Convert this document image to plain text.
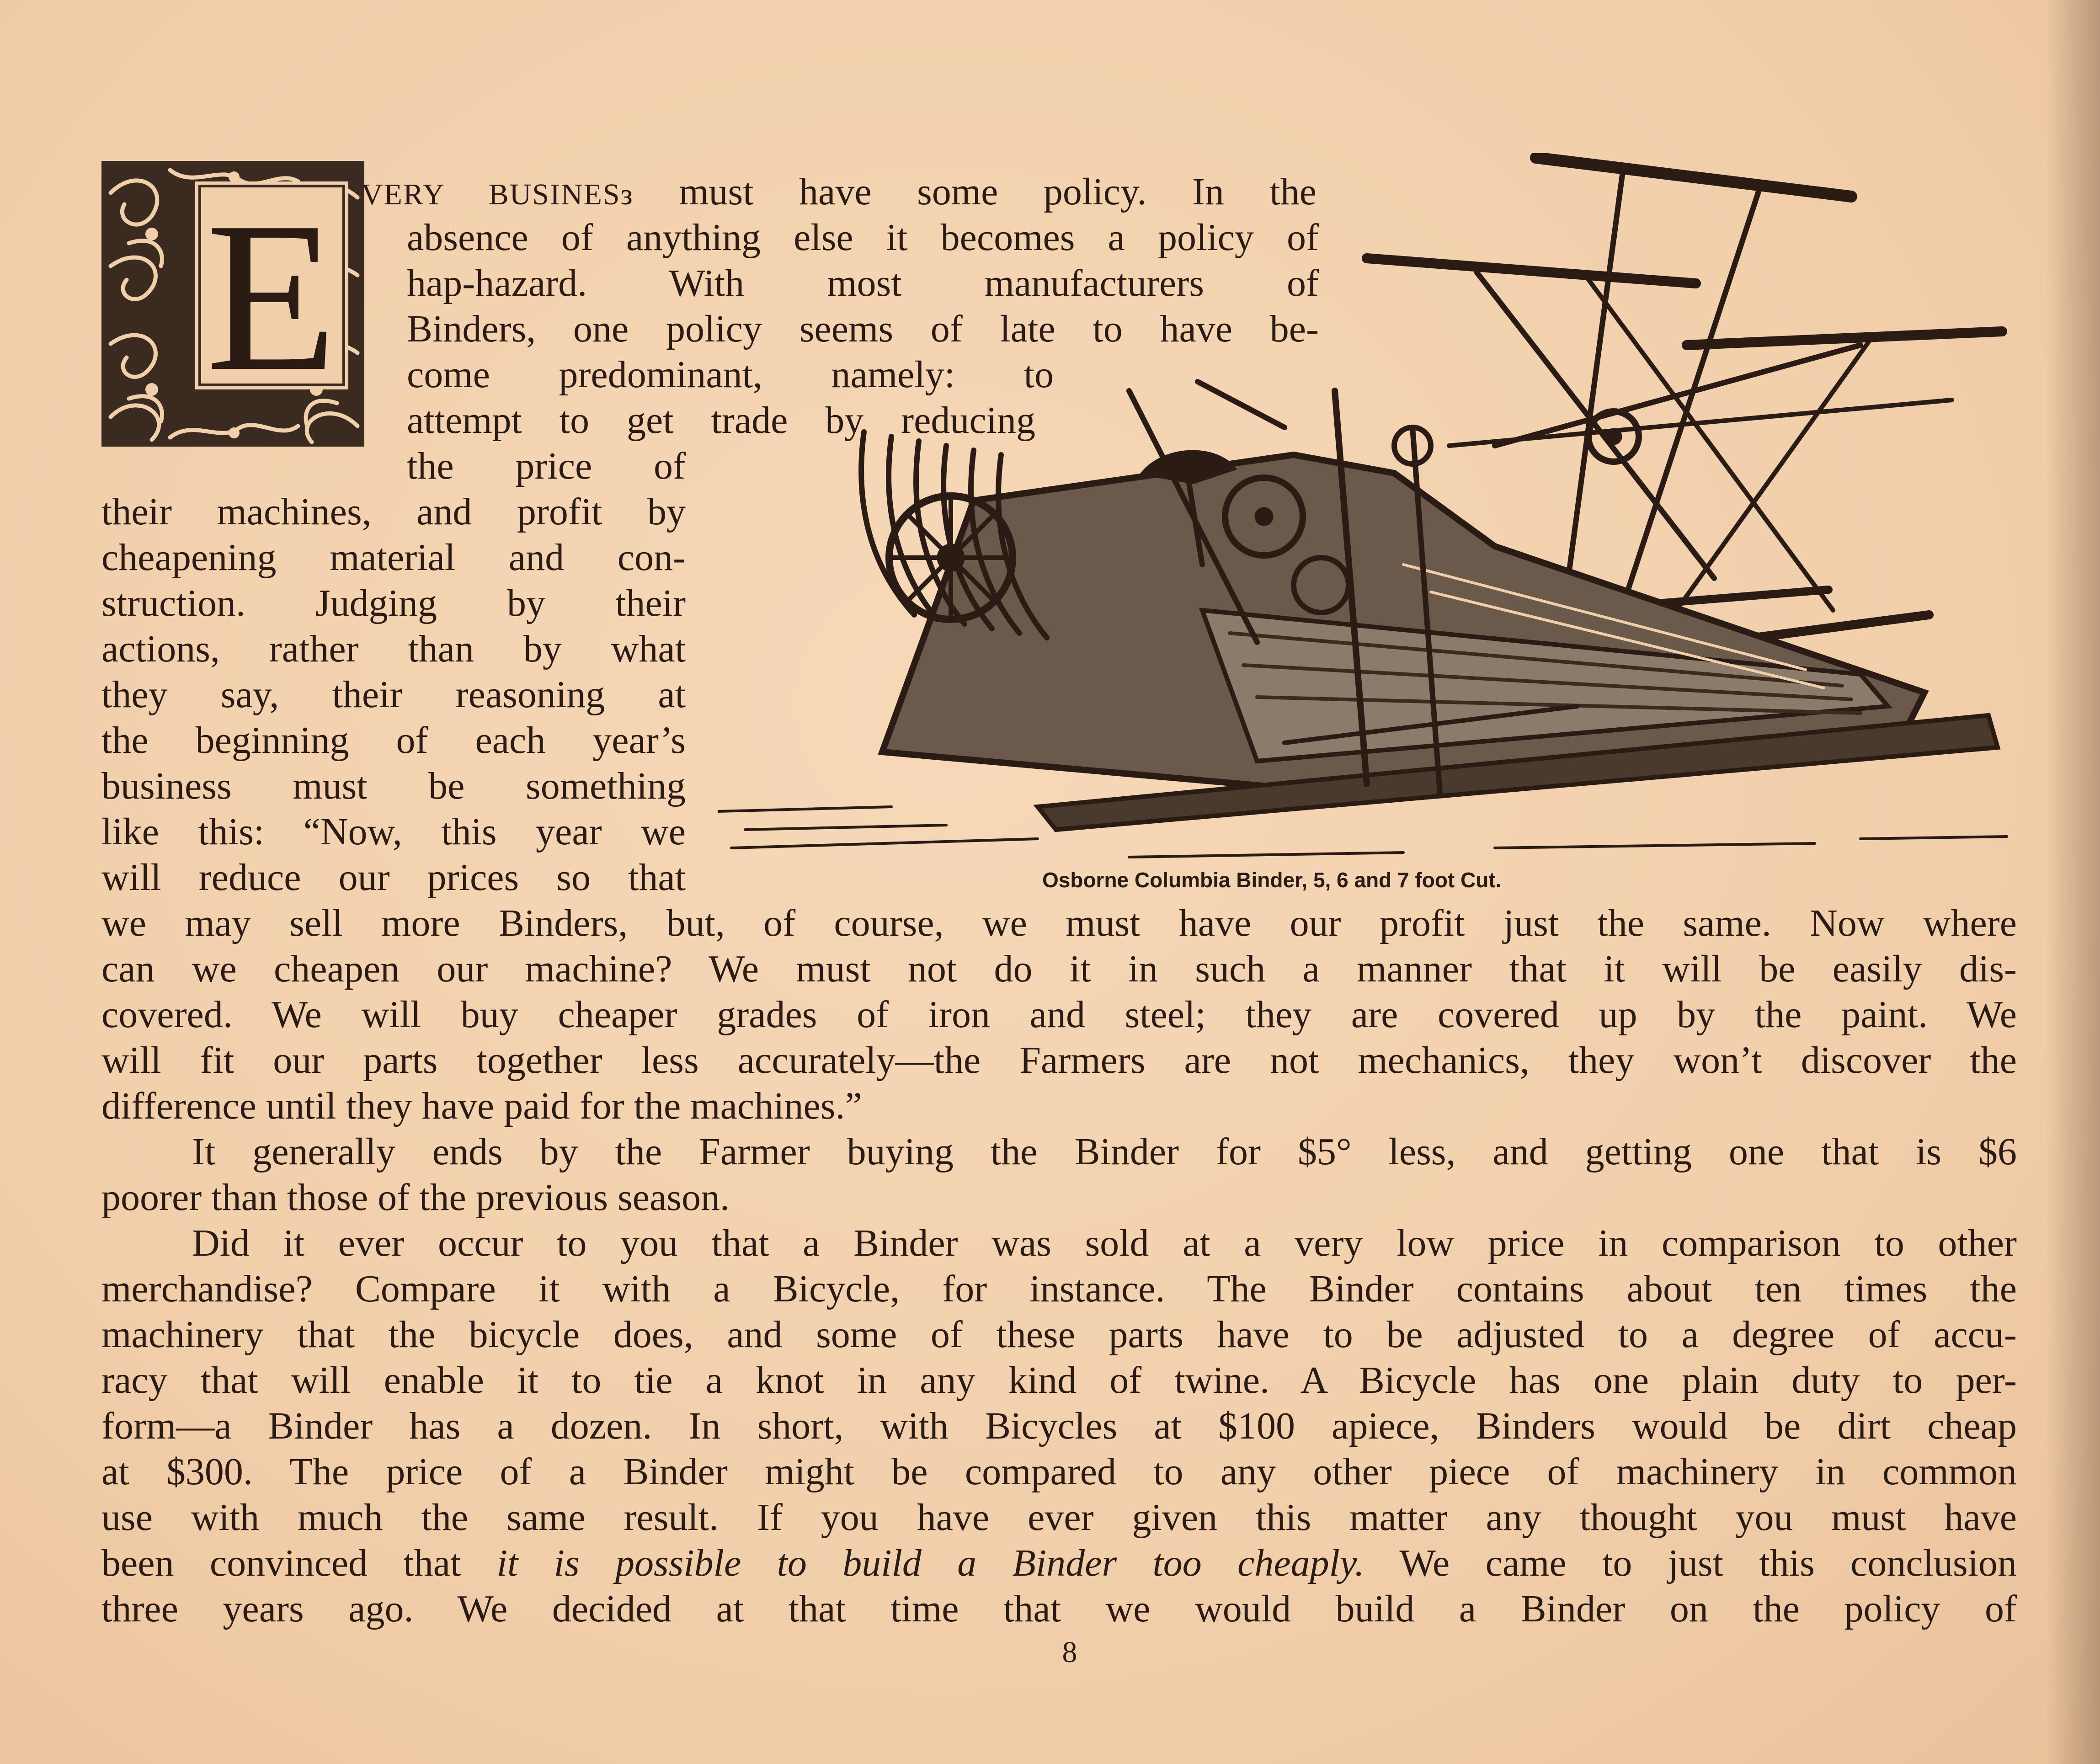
E VERY BUSINESз must have some policy. In the
absence of anything else it becomes a policy of
hap-hazard. With most manufacturers of
Binders, one policy seems of late to have be-
come predominant, namely: to
attempt to get trade by reducing
the price of
their machines, and profit by
cheapening material and con-
struction. Judging by their
actions, rather than by what
they say, their reasoning at
the beginning of each year’s
business must be something
like this: “Now, this year we
will reduce our prices so that	Osborne Columbia Binder, 5, 6 and 7 foot Cut.
we may sell more Binders, but, of course, we must have our profit just the same. Now where
can we cheapen our machine? We must not do it in such a manner that it will be easily dis-
covered. We will buy cheaper grades of iron and steel; they are covered up by the paint. We
will fit our parts together less accurately—the Farmers are not mechanics, they won’t discover the
difference until they have paid for the machines.”
It generally ends by the Farmer buying the Binder for $5° less, and getting one that is $6
poorer than those of the previous season.
Did it ever occur to you that a Binder was sold at a very low price in comparison to other
merchandise? Compare it with a Bicycle, for instance. The Binder contains about ten times the
machinery that the bicycle does, and some of these parts have to be adjusted to a degree of accu-
racy that will enable it to tie a knot in any kind of twine. A Bicycle has one plain duty to per-
form—a Binder has a dozen. In short, with Bicycles at $100 apiece, Binders would be dirt cheap
at $300. The price of a Binder might be compared to any other piece of machinery in common
use with much the same result. If you have ever given this matter any thought you must have
been convinced that it is possible to build a Binder too cheaply. We came to just this conclusion
three years ago. We decided at that time that we would build a Binder on the policy of
8
